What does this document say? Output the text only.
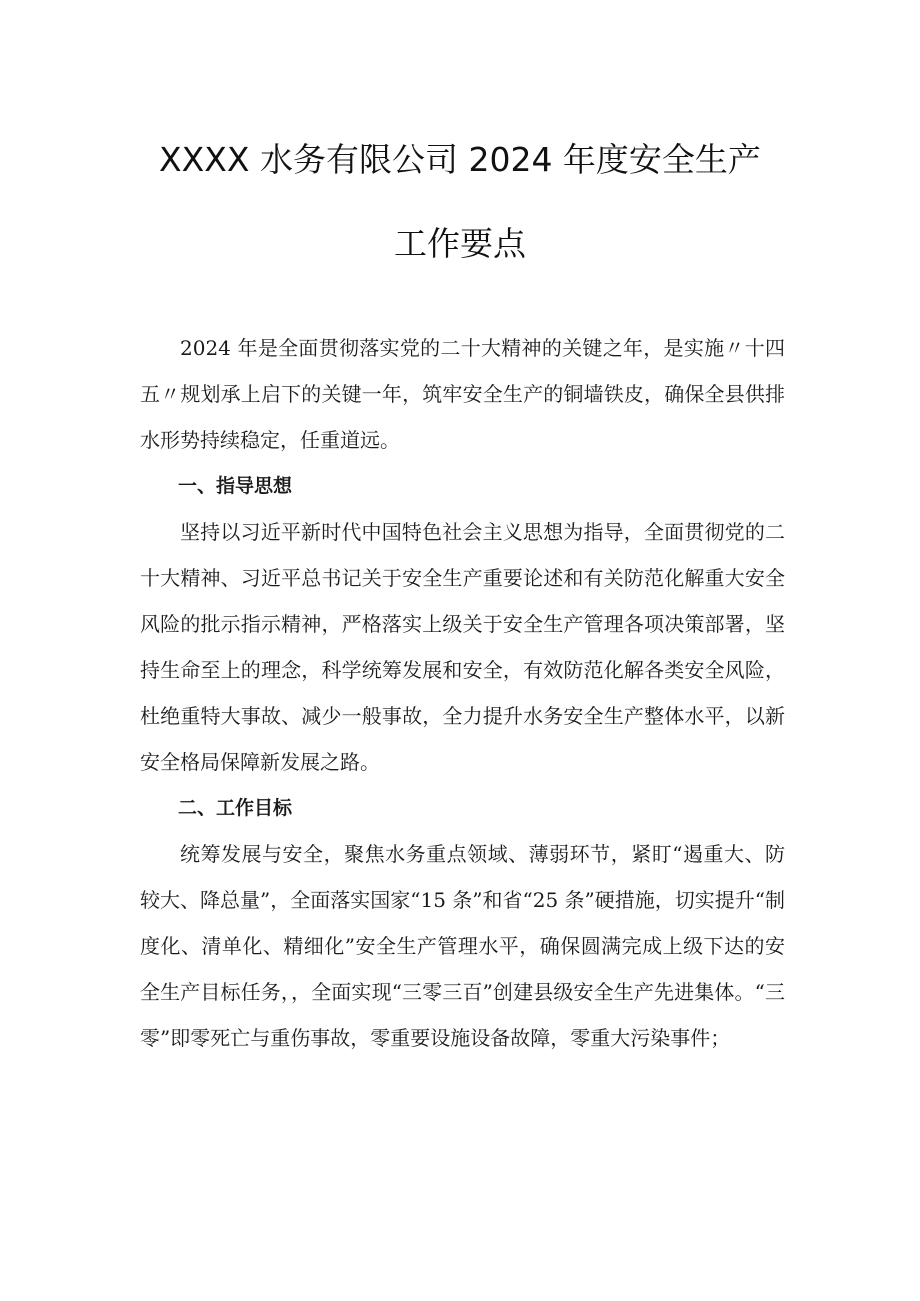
XXXX 水务有限公司 2024 年度安全生产
工作要点

2024 年是全面贯彻落实党的二十大精神的关键之年，是实施〃十四五〃规划承上启下的关键一年，筑牢安全生产的铜墙铁皮，确保全县供排水形势持续稳定，任重道远。

一、指导思想

坚持以习近平新时代中国特色社会主义思想为指导，全面贯彻党的二十大精神、习近平总书记关于安全生产重要论述和有关防范化解重大安全风险的批示指示精神，严格落实上级关于安全生产管理各项决策部署，坚持生命至上的理念，科学统筹发展和安全，有效防范化解各类安全风险，杜绝重特大事故、减少一般事故，全力提升水务安全生产整体水平，以新安全格局保障新发展之路。

二、工作目标

统筹发展与安全，聚焦水务重点领域、薄弱环节，紧盯“遏重大、防较大、降总量”，全面落实国家“15 条”和省“25 条”硬措施，切实提升“制度化、清单化、精细化”安全生产管理水平，确保圆满完成上级下达的安全生产目标任务，，全面实现“三零三百”创建县级安全生产先进集体。“三零”即零死亡与重伤事故，零重要设施设备故障，零重大污染事件；
